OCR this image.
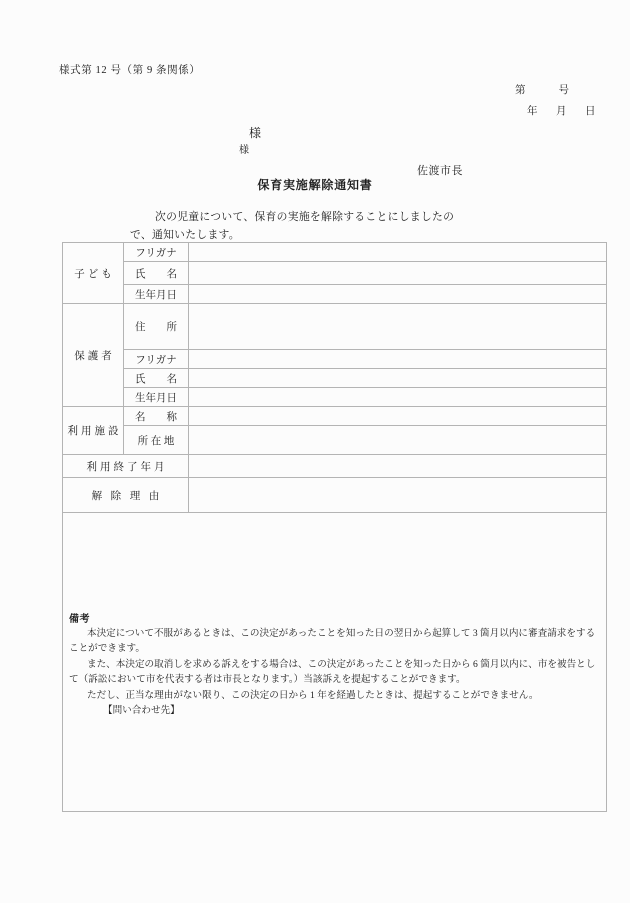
様式第 12 号（第 9 条関係）
第　　号
年　月　日
様
様
佐渡市長
保育実施解除通知書
次の児童について、保育の実施を解除することにしましたの
で、通知いたします。
子ども	フリガナ	
	氏　　名	
	生年月日	
保護者	住　　所	
	フリガナ	
	氏　　名	
	生年月日	
利用施設	名　　称	
	所 在 地	
利用終了年月		
解 除 理 由		

備考

本決定について不服があるときは、この決定があったことを知った日の翌日から起算して 3 箇月以内に審査請求をすることができます。

また、本決定の取消しを求める訴えをする場合は、この決定があったことを知った日から 6 箇月以内に、市を被告として（訴訟において市を代表する者は市長となります。）当該訴えを提起することができます。

ただし、正当な理由がない限り、この決定の日から 1 年を経過したときは、提起することができません。

【問い合わせ先】		
